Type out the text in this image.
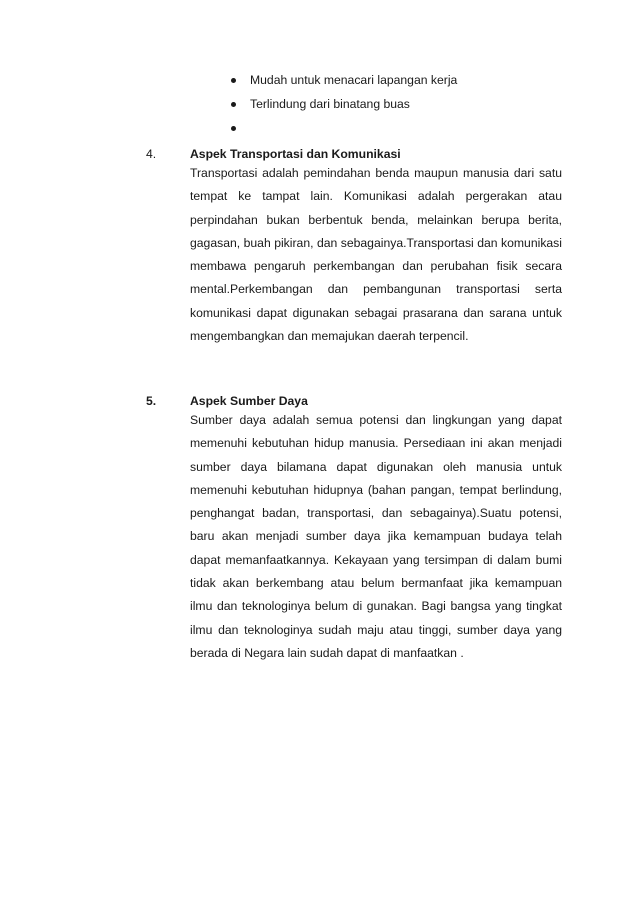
Mudah untuk menacari lapangan kerja
Terlindung dari binatang buas
4.	Aspek Transportasi dan Komunikasi
Transportasi adalah pemindahan benda maupun manusia dari satu tempat ke tampat lain. Komunikasi adalah pergerakan atau perpindahan bukan berbentuk benda, melainkan berupa berita, gagasan, buah pikiran, dan sebagainya.Transportasi dan komunikasi membawa pengaruh perkembangan dan perubahan fisik secara mental.Perkembangan dan pembangunan transportasi serta komunikasi dapat digunakan sebagai prasarana dan sarana untuk mengembangkan dan memajukan daerah terpencil.
5.	Aspek Sumber Daya
Sumber daya adalah semua potensi dan lingkungan yang dapat memenuhi kebutuhan hidup manusia. Persediaan ini akan menjadi sumber daya bilamana dapat digunakan oleh manusia untuk memenuhi kebutuhan hidupnya (bahan pangan, tempat berlindung, penghangat badan, transportasi, dan sebagainya).Suatu potensi, baru akan menjadi sumber daya jika kemampuan budaya telah dapat memanfaatkannya. Kekayaan yang tersimpan di dalam bumi tidak akan berkembang atau belum bermanfaat jika kemampuan ilmu dan teknologinya belum di gunakan. Bagi bangsa yang tingkat ilmu dan teknologinya sudah maju atau tinggi, sumber daya yang berada di Negara lain sudah dapat di manfaatkan .
